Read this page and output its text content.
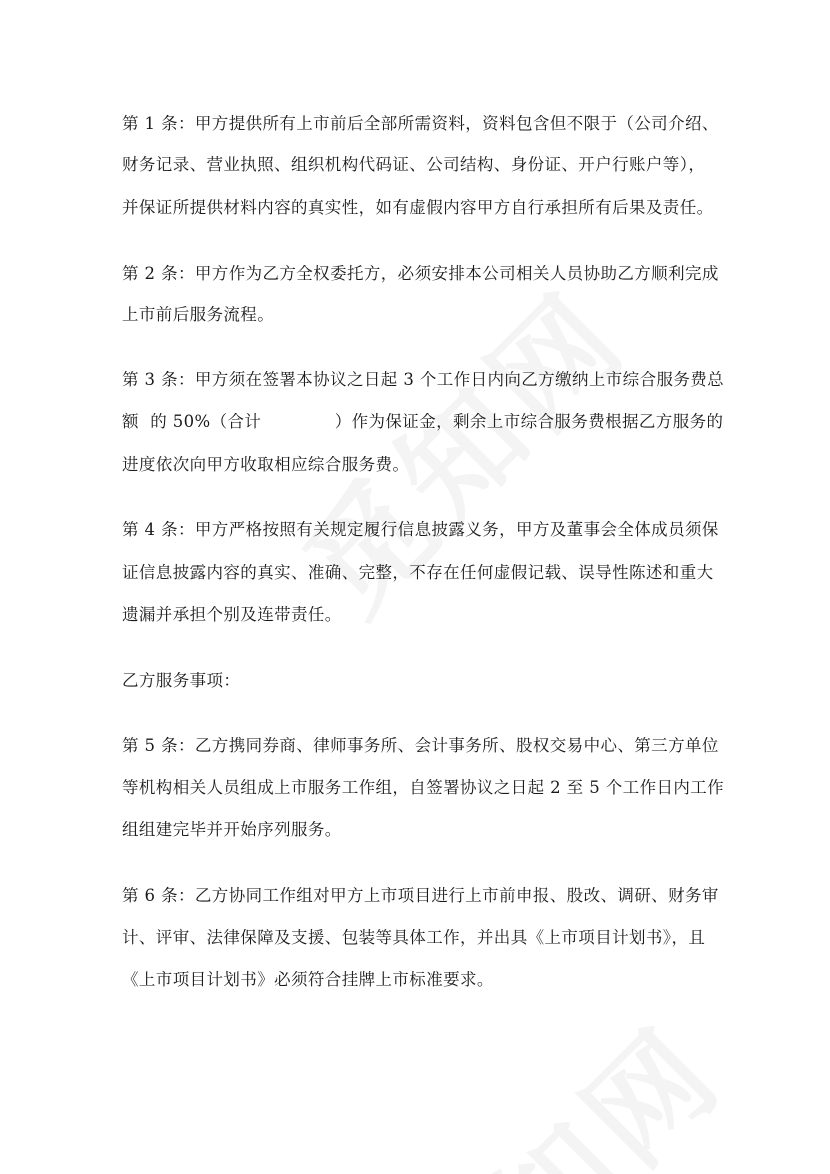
第 1 条：甲方提供所有上市前后全部所需资料，资料包含但不限于（公司介绍、
财务记录、营业执照、组织机构代码证、公司结构、身份证、开户行账户等），
并保证所提供材料内容的真实性，如有虚假内容甲方自行承担所有后果及责任。
第 2 条：甲方作为乙方全权委托方，必须安排本公司相关人员协助乙方顺利完成
上市前后服务流程。
第 3 条：甲方须在签署本协议之日起 3 个工作日内向乙方缴纳上市综合服务费总
额  的 50%（合计             ）作为保证金，剩余上市综合服务费根据乙方服务的
进度依次向甲方收取相应综合服务费。
第 4 条：甲方严格按照有关规定履行信息披露义务，甲方及董事会全体成员须保
证信息披露内容的真实、准确、完整，不存在任何虚假记载、误导性陈述和重大
遗漏并承担个别及连带责任。
乙方服务事项：
第 5 条：乙方携同券商、律师事务所、会计事务所、股权交易中心、第三方单位
等机构相关人员组成上市服务工作组，自签署协议之日起 2 至 5 个工作日内工作
组组建完毕并开始序列服务。
第 6 条：乙方协同工作组对甲方上市项目进行上市前申报、股改、调研、财务审
计、评审、法律保障及支援、包装等具体工作，并出具《上市项目计划书》，且
《上市项目计划书》必须符合挂牌上市标准要求。
